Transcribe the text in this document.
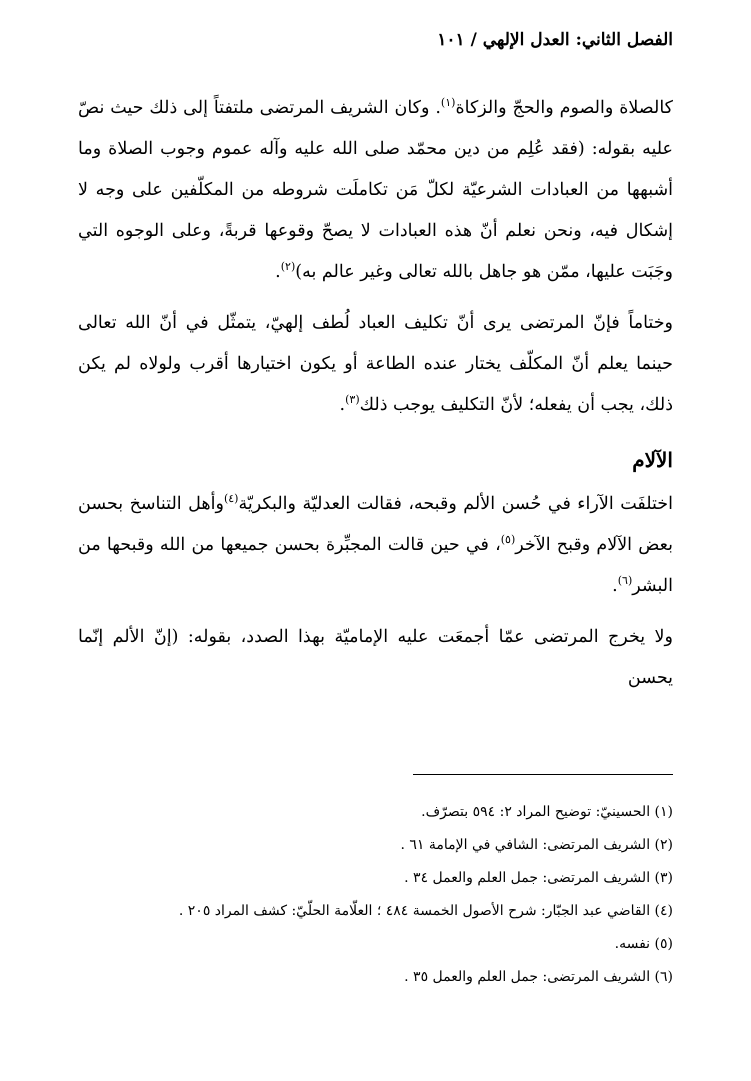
الفصل الثاني: العدل الإلهي / ١٠١

كالصلاة والصوم والحجّ والزكاة$^{(١)}$. وكان الشريف المرتضى ملتفتاً إلى ذلك حيث نصّ عليه بقوله: (فقد عُلِم من دين محمّد صلى الله عليه وآله عموم وجوب الصلاة وما أشبهها من العبادات الشرعيّة لكلّ مَن تكاملَت شروطه من المكلّفين على وجه لا إشكال فيه، ونحن نعلم أنّ هذه العبادات لا يصحّ وقوعها قربةً، وعلى الوجوه التي وجَبَت عليها، ممّن هو جاهل بالله تعالى وغير عالم به)$^{(٢)}$.

وختاماً فإنّ المرتضى يرى أنّ تكليف العباد لُطف إلهيّ، يتمثّل في أنّ الله تعالى حينما يعلم أنّ المكلّف يختار عنده الطاعة أو يكون اختيارها أقرب ولولاه لم يكن ذلك، يجب أن يفعله؛ لأنّ التكليف يوجب ذلك$^{(٣)}$.

الآلام

اختلفَت الآراء في حُسن الألم وقبحه، فقالت العدليّة والبكريّة$^{(٤)}$وأهل التناسخ بحسن بعض الآلام وقبح الآخر$^{(٥)}$، في حين قالت المجبِّرة بحسن جميعها من الله وقبحها من البشر$^{(٦)}$.

ولا يخرج المرتضى عمّا أجمعَت عليه الإماميّة بهذا الصدد، بقوله: (إنّ الألم إنّما يحسن

(١) الحسينيّ: توضيح المراد ٢: ٥٩٤ بتصرّف.
(٢) الشريف المرتضى: الشافي في الإمامة ٦١ .
(٣) الشريف المرتضى: جمل العلم والعمل ٣٤ .
(٤) القاضي عبد الجبّار: شرح الأصول الخمسة ٤٨٤ ؛ العلّامة الحلّيّ: كشف المراد ٢٠٥ .
(٥) نفسه.
(٦) الشريف المرتضى: جمل العلم والعمل ٣٥ .
